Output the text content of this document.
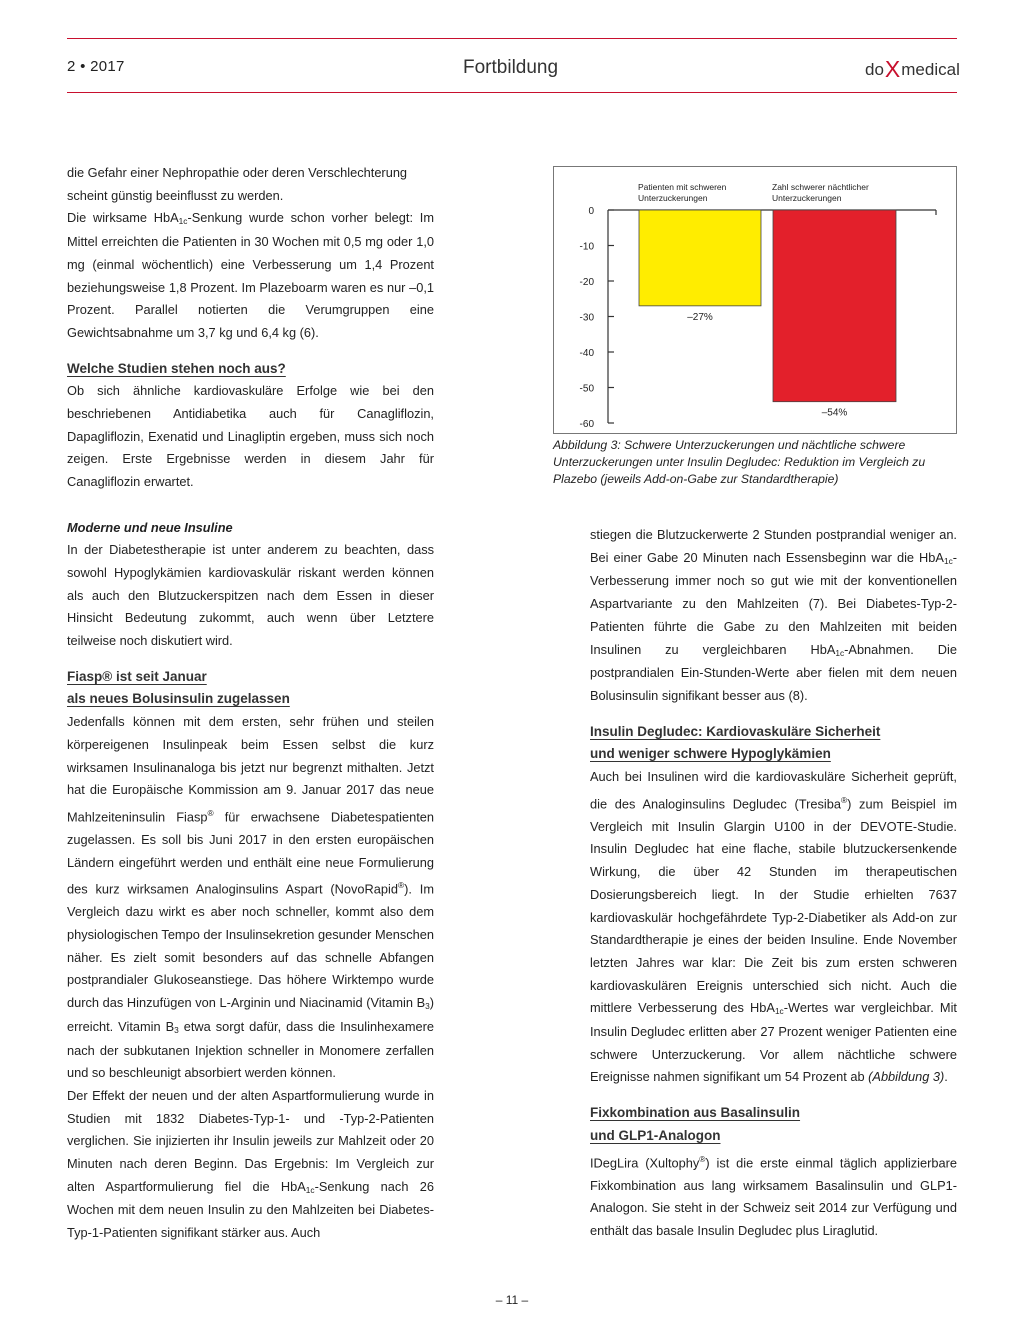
2 • 2017	Fortbildung	doXmedical

die Gefahr einer Nephropathie oder deren Verschlechterung scheint günstig beeinflusst zu werden.

Die wirksame HbA$_{1c}$-Senkung wurde schon vorher belegt: Im Mittel erreichten die Patienten in 30 Wochen mit 0,5 mg oder 1,0 mg (einmal wöchentlich) eine Verbesserung um 1,4 Prozent beziehungsweise 1,8 Prozent. Im Plazeboarm waren es nur –0,1 Prozent. Parallel notierten die Verumgruppen eine Gewichtsabnahme um 3,7 kg und 6,4 kg (6).

Welche Studien stehen noch aus?

Ob sich ähnliche kardiovaskuläre Erfolge wie bei den beschriebenen Antidiabetika auch für Canagliflozin, Dapagliflozin, Exenatid und Linagliptin ergeben, muss sich noch zeigen. Erste Ergebnisse werden in diesem Jahr für Canagliflozin erwartet.

Moderne und neue Insuline

In der Diabetestherapie ist unter anderem zu beachten, dass sowohl Hypoglykämien kardiovaskulär riskant werden können als auch den Blutzuckerspitzen nach dem Essen in dieser Hinsicht Bedeutung zukommt, auch wenn über Letztere teilweise noch diskutiert wird.

Fiasp® ist seit Januar
als neues Bolusinsulin zugelassen

Jedenfalls können mit dem ersten, sehr frühen und steilen körpereigenen Insulinpeak beim Essen selbst die kurz wirksamen Insulinanaloga bis jetzt nur begrenzt mithalten. Jetzt hat die Europäische Kommission am 9. Januar 2017 das neue Mahlzeiteninsulin Fiasp® für erwachsene Diabetespatienten zugelassen. Es soll bis Juni 2017 in den ersten europäischen Ländern eingeführt werden und enthält eine neue Formulierung des kurz wirksamen Analoginsulins Aspart (NovoRapid®). Im Vergleich dazu wirkt es aber noch schneller, kommt also dem physiologischen Tempo der Insulinsekretion gesunder Menschen näher. Es zielt somit besonders auf das schnelle Abfangen postprandialer Glukoseanstiege. Das höhere Wirktempo wurde durch das Hinzufügen von L-Arginin und Niacinamid (Vitamin $B_3$) erreicht. Vitamin $B_3$ etwa sorgt dafür, dass die Insulinhexamere nach der subkutanen Injektion schneller in Monomere zerfallen und so beschleunigt absorbiert werden können.

Der Effekt der neuen und der alten Aspartformulierung wurde in Studien mit 1832 Diabetes-Typ-1- und -Typ-2-Patienten verglichen. Sie injizierten ihr Insulin jeweils zur Mahlzeit oder 20 Minuten nach deren Beginn. Das Ergebnis: Im Vergleich zur alten Aspartformulierung fiel die HbA$_{1c}$-Senkung nach 26 Wochen mit dem neuen Insulin zu den Mahlzeiten bei Diabetes-Typ-1-Patienten signifikant stärker aus. Auch

0
-10
-20
-30
-40
-50
-60
–27%
Patienten mit schweren
Unterzuckerungen
–54%
Zahl schwerer nächtlicher
Unterzuckerungen
Abbildung 3: Schwere Unterzuckerungen und nächtliche schwere Unterzuckerungen unter Insulin Degludec: Reduktion im Vergleich zu Plazebo (jeweils Add-on-Gabe zur Standardtherapie)

stiegen die Blutzuckerwerte 2 Stunden postprandial weniger an. Bei einer Gabe 20 Minuten nach Essensbeginn war die HbA$_{1c}$-Verbesserung immer noch so gut wie mit der konventionellen Aspartvariante zu den Mahlzeiten (7). Bei Diabetes-Typ-2-Patienten führte die Gabe zu den Mahlzeiten mit beiden Insulinen zu vergleichbaren HbA$_{1c}$-Abnahmen. Die postprandialen Ein-Stunden-Werte aber fielen mit dem neuen Bolusinsulin signifikant besser aus (8).

Insulin Degludec: Kardiovaskuläre Sicherheit
und weniger schwere Hypoglykämien

Auch bei Insulinen wird die kardiovaskuläre Sicherheit geprüft, die des Analoginsulins Degludec (Tresiba®) zum Beispiel im Vergleich mit Insulin Glargin U100 in der DEVOTE-Studie. Insulin Degludec hat eine flache, stabile blutzuckersenkende Wirkung, die über 42 Stunden im therapeutischen Dosierungsbereich liegt. In der Studie erhielten 7637 kardiovaskulär hochgefährdete Typ-2-Diabetiker als Add-on zur Standardtherapie je eines der beiden Insuline. Ende November letzten Jahres war klar: Die Zeit bis zum ersten schweren kardiovaskulären Ereignis unterschied sich nicht. Auch die mittlere Verbesserung des HbA$_{1c}$-Wertes war vergleichbar. Mit Insulin Degludec erlitten aber 27 Prozent weniger Patienten eine schwere Unterzuckerung. Vor allem nächtliche schwere Ereignisse nahmen signifikant um 54 Prozent ab (Abbildung 3).

Fixkombination aus Basalinsulin
und GLP1-Analogon

IDegLira (Xultophy®) ist die erste einmal täglich applizierbare Fixkombination aus lang wirksamem Basalinsulin und GLP1-Analogon. Sie steht in der Schweiz seit 2014 zur Verfügung und enthält das basale Insulin Degludec plus Liraglutid.

– 11 –
